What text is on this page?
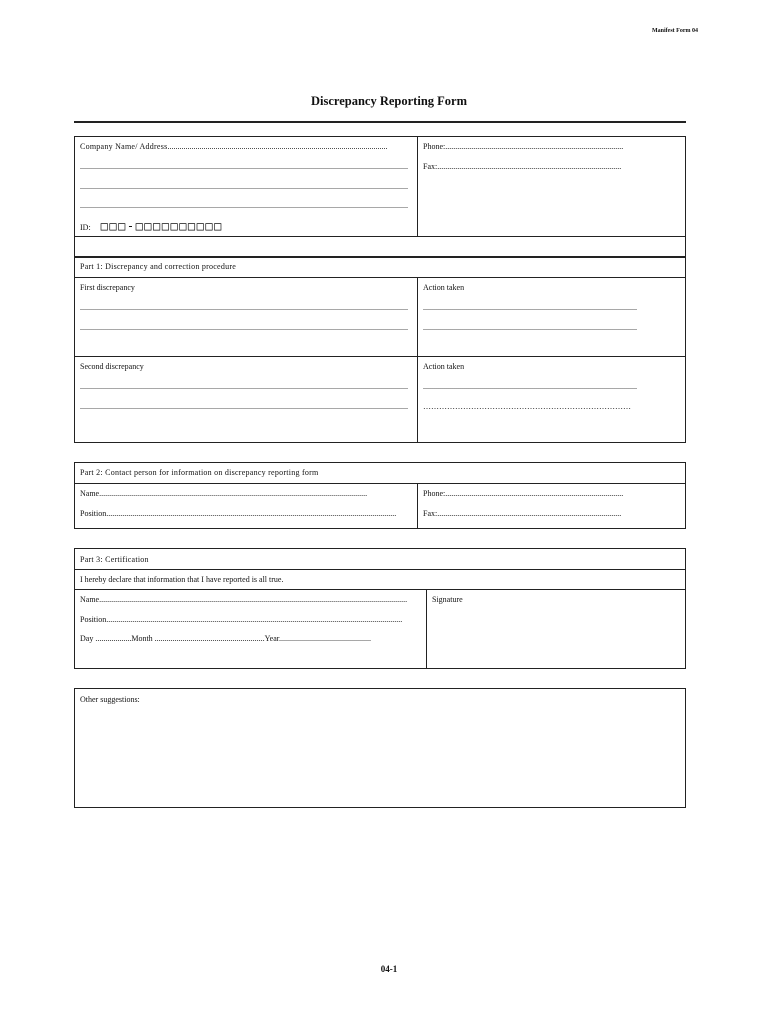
Manifest Form 04
Discrepancy Reporting Form
Company Name/ Address..............................................................................................................
....................................................................................................................................................................
....................................................................................................................................................................
....................................................................................................................................................................
ID: □□□-□□□□□□□□□□
Phone:.........................................................................................
Fax:............................................................................................
Part 1: Discrepancy and correction procedure
First discrepancy
....................................................................................................................................................................
....................................................................................................................................................................
Action taken
...........................................................................................................
...........................................................................................................
Second discrepancy
....................................................................................................................................................................
....................................................................................................................................................................
Action taken
...........................................................................................................
……………………………………………………………………
Part 2: Contact person for information on discrepancy reporting form
Name......................................................................................................................................
Position.................................................................................................................................................
Phone:.........................................................................................
Fax:............................................................................................
Part 3: Certification
I hereby declare that information that I have reported is all true.
Name..........................................................................................................................................................
Position....................................................................................................................................................
Day ..................Month .......................................................Year..............................................
Signature
Other suggestions:
04-1
